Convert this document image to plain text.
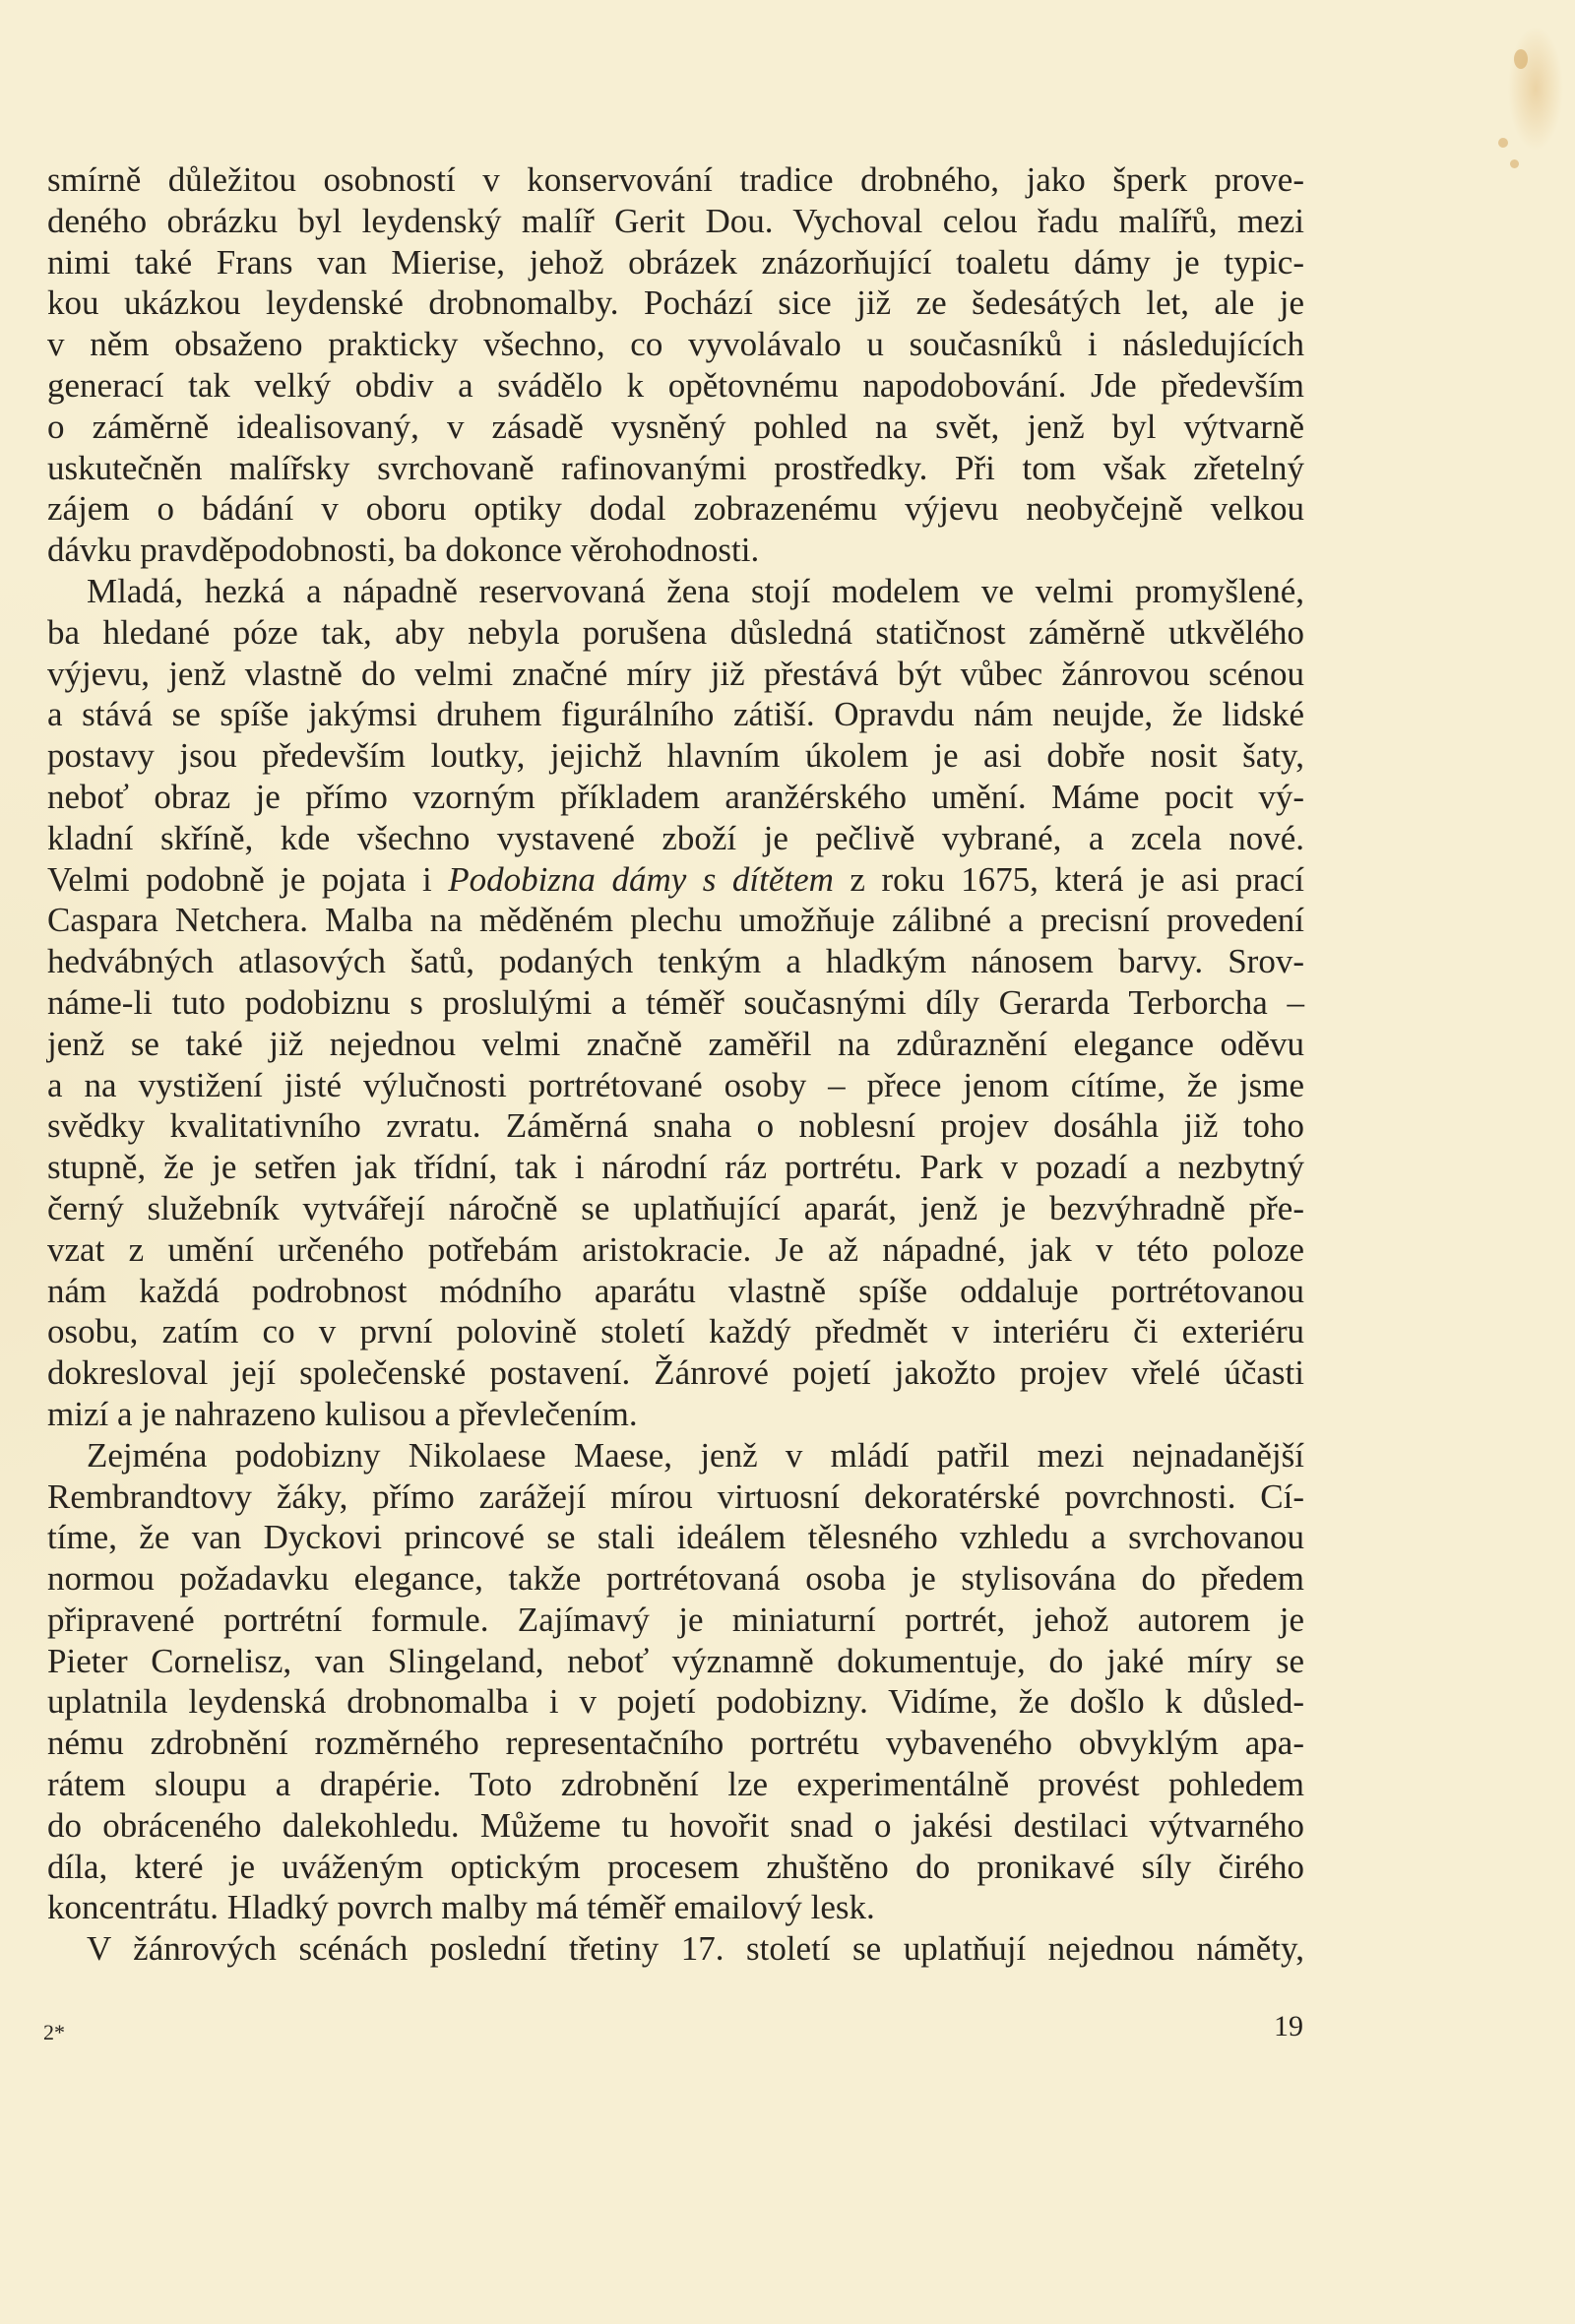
smírně důležitou osobností v konservování tradice drobného, jako šperk prove-
deného obrázku byl leydenský malíř Gerit Dou. Vychoval celou řadu malířů, mezi
nimi také Frans van Mierise, jehož obrázek znázorňující toaletu dámy je typic-
kou ukázkou leydenské drobnomalby. Pochází sice již ze šedesátých let, ale je
v něm obsaženo prakticky všechno, co vyvolávalo u současníků i následujících
generací tak velký obdiv a svádělo k opětovnému napodobování. Jde především
o záměrně idealisovaný, v zásadě vysněný pohled na svět, jenž byl výtvarně
uskutečněn malířsky svrchovaně rafinovanými prostředky. Při tom však zřetelný
zájem o bádání v oboru optiky dodal zobrazenému výjevu neobyčejně velkou
dávku pravděpodobnosti, ba dokonce věrohodnosti.
Mladá, hezká a nápadně reservovaná žena stojí modelem ve velmi promyšlené,
ba hledané póze tak, aby nebyla porušena důsledná statičnost záměrně utkvělého
výjevu, jenž vlastně do velmi značné míry již přestává být vůbec žánrovou scénou
a stává se spíše jakýmsi druhem figurálního zátiší. Opravdu nám neujde, že lidské
postavy jsou především loutky, jejichž hlavním úkolem je asi dobře nosit šaty,
neboť obraz je přímo vzorným příkladem aranžérského umění. Máme pocit vý-
kladní skříně, kde všechno vystavené zboží je pečlivě vybrané, a zcela nové.
Velmi podobně je pojata i Podobizna dámy s dítětem z roku 1675, která je asi prací
Caspara Netchera. Malba na měděném plechu umožňuje zálibné a precisní provedení
hedvábných atlasových šatů, podaných tenkým a hladkým nánosem barvy. Srov-
náme-li tuto podobiznu s proslulými a téměř současnými díly Gerarda Terborcha –
jenž se také již nejednou velmi značně zaměřil na zdůraznění elegance oděvu
a na vystižení jisté výlučnosti portrétované osoby – přece jenom cítíme, že jsme
svědky kvalitativního zvratu. Záměrná snaha o noblesní projev dosáhla již toho
stupně, že je setřen jak třídní, tak i národní ráz portrétu. Park v pozadí a nezbytný
černý služebník vytvářejí náročně se uplatňující aparát, jenž je bezvýhradně pře-
vzat z umění určeného potřebám aristokracie. Je až nápadné, jak v této poloze
nám každá podrobnost módního aparátu vlastně spíše oddaluje portrétovanou
osobu, zatím co v první polovině století každý předmět v interiéru či exteriéru
dokresloval její společenské postavení. Žánrové pojetí jakožto projev vřelé účasti
mizí a je nahrazeno kulisou a převlečením.
Zejména podobizny Nikolaese Maese, jenž v mládí patřil mezi nejnadanější
Rembrandtovy žáky, přímo zarážejí mírou virtuosní dekoratérské povrchnosti. Cí-
tíme, že van Dyckovi princové se stali ideálem tělesného vzhledu a svrchovanou
normou požadavku elegance, takže portrétovaná osoba je stylisována do předem
připravené portrétní formule. Zajímavý je miniaturní portrét, jehož autorem je
Pieter Cornelisz, van Slingeland, neboť významně dokumentuje, do jaké míry se
uplatnila leydenská drobnomalba i v pojetí podobizny. Vidíme, že došlo k důsled-
nému zdrobnění rozměrného representačního portrétu vybaveného obvyklým apa-
rátem sloupu a drapérie. Toto zdrobnění lze experimentálně provést pohledem
do obráceného dalekohledu. Můžeme tu hovořit snad o jakési destilaci výtvarného
díla, které je uváženým optickým procesem zhuštěno do pronikavé síly čirého
koncentrátu. Hladký povrch malby má téměř emailový lesk.
V žánrových scénách poslední třetiny 17. století se uplatňují nejednou náměty,
2*	19
